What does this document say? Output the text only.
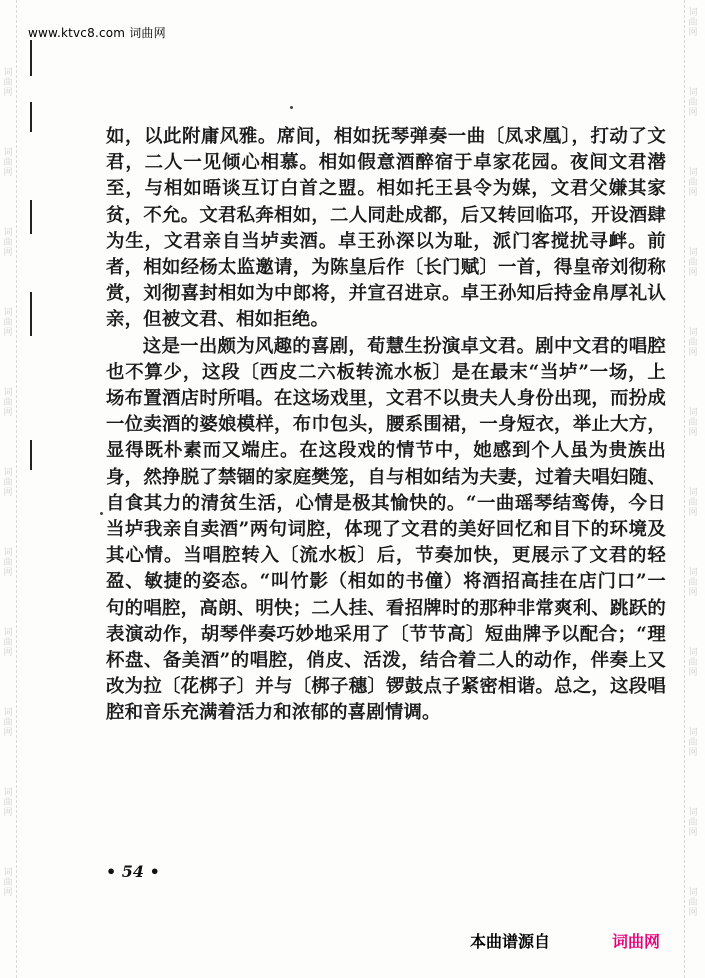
词曲网
词曲网
词曲网
词曲网
词曲网
词曲网
词曲网
词曲网
词曲网
词曲网
词曲网
词曲网
词曲网
词曲网
词曲网
词曲网
词曲网
词曲网
词曲网
词曲网
词曲网
词曲网
词曲网
www.ktvc8.com 词曲网

如，以此附庸风雅。席间，相如抚琴弹奏一曲〔凤求凰〕，打动了文君，二人一见倾心相慕。相如假意酒醉宿于卓家花园。夜间文君潜至，与相如晤谈互订白首之盟。相如托王县令为媒，文君父嫌其家贫，不允。文君私奔相如，二人同赴成都，后又转回临邛，开设酒肆为生，文君亲自当垆卖酒。卓王孙深以为耻，派门客搅扰寻衅。前者，相如经杨太监邀请，为陈皇后作〔长门赋〕一首，得皇帝刘彻称赏，刘彻喜封相如为中郎将，并宣召进京。卓王孙知后持金帛厚礼认亲，但被文君、相如拒绝。

这是一出颇为风趣的喜剧，荀慧生扮演卓文君。剧中文君的唱腔也不算少，这段〔西皮二六板转流水板〕是在最末“当垆”一场，上场布置酒店时所唱。在这场戏里，文君不以贵夫人身份出现，而扮成一位卖酒的婆娘模样，布巾包头，腰系围裙，一身短衣，举止大方，显得既朴素而又端庄。在这段戏的情节中，她感到个人虽为贵族出身，然挣脱了禁锢的家庭樊笼，自与相如结为夫妻，过着夫唱妇随、自食其力的清贫生活，心情是极其愉快的。“一曲瑶琴结鸾俦，今日当垆我亲自卖酒”两句词腔，体现了文君的美好回忆和目下的环境及其心情。当唱腔转入〔流水板〕后，节奏加快，更展示了文君的轻盈、敏捷的姿态。“叫竹影（相如的书僮）将酒招高挂在店门口”一句的唱腔，高朗、明快；二人挂、看招牌时的那种非常爽利、跳跃的表演动作，胡琴伴奏巧妙地采用了〔节节高〕短曲牌予以配合；“理杯盘、备美酒”的唱腔，俏皮、活泼，结合着二人的动作，伴奏上又改为拉〔花梆子〕并与〔梆子穗〕锣鼓点子紧密相谐。总之，这段唱腔和音乐充满着活力和浓郁的喜剧情调。

• 54 •
本曲谱源自	词曲网
